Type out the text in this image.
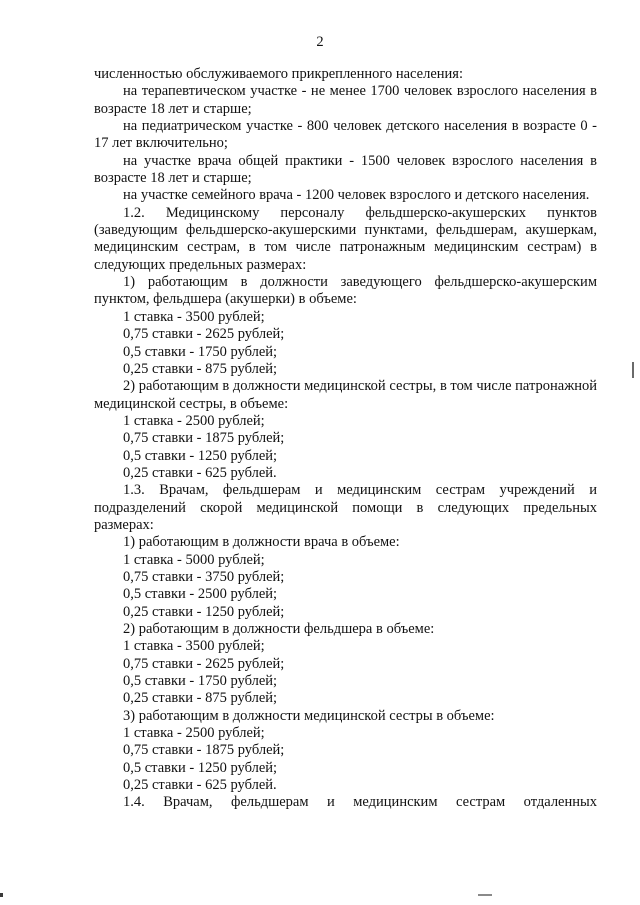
2

численностью обслуживаемого прикрепленного населения:

на терапевтическом участке - не менее 1700 человек взрослого населения в возрасте 18 лет и старше;

на педиатрическом участке - 800 человек детского населения в возрасте 0 - 17 лет включительно;

на участке врача общей практики - 1500 человек взрослого населения в возрасте 18 лет и старше;

на участке семейного врача - 1200 человек взрослого и детского населения.

1.2. Медицинскому персоналу фельдшерско-акушерских пунктов (заведующим фельдшерско-акушерскими пунктами, фельдшерам, акушеркам, медицинским сестрам, в том числе патронажным медицинским сестрам) в следующих предельных размерах:

1) работающим в должности заведующего фельдшерско-акушерским пунктом, фельдшера (акушерки) в объеме:

1 ставка - 3500 рублей;

0,75 ставки - 2625 рублей;

0,5 ставки - 1750 рублей;

0,25 ставки - 875 рублей;

2) работающим в должности медицинской сестры, в том числе патронажной медицинской сестры, в объеме:

1 ставка - 2500 рублей;

0,75 ставки - 1875 рублей;

0,5 ставки - 1250 рублей;

0,25 ставки - 625 рублей.

1.3. Врачам, фельдшерам и медицинским сестрам учреждений и подразделений скорой медицинской помощи в следующих предельных размерах:

1) работающим в должности врача в объеме:

1 ставка - 5000 рублей;

0,75 ставки - 3750 рублей;

0,5 ставки - 2500 рублей;

0,25 ставки - 1250 рублей;

2) работающим в должности фельдшера в объеме:

1 ставка - 3500 рублей;

0,75 ставки - 2625 рублей;

0,5 ставки - 1750 рублей;

0,25 ставки - 875 рублей;

3) работающим в должности медицинской сестры в объеме:

1 ставка - 2500 рублей;

0,75 ставки - 1875 рублей;

0,5 ставки - 1250 рублей;

0,25 ставки - 625 рублей.

1.4. Врачам, фельдшерам и медицинским сестрам отдаленных
